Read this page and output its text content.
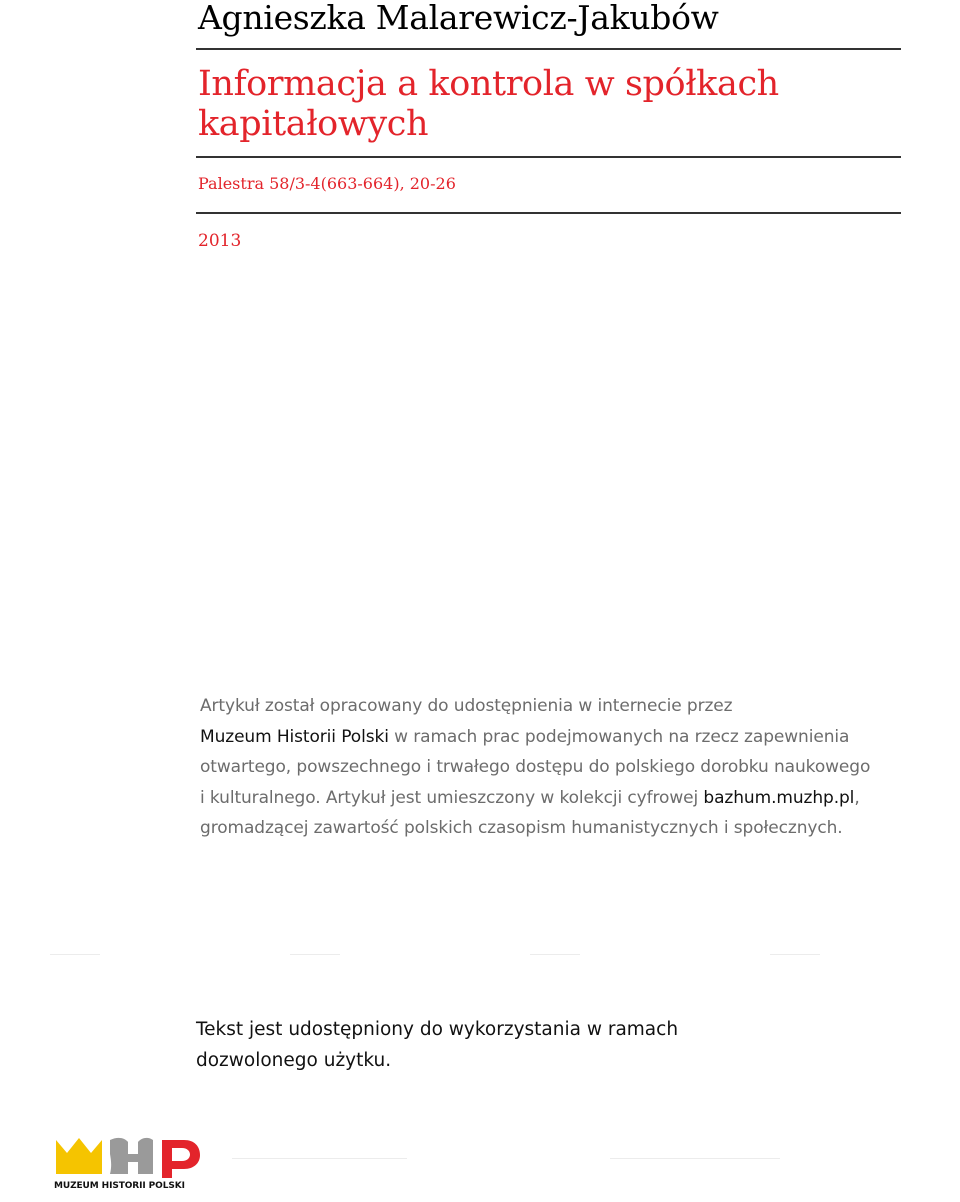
Agnieszka Malarewicz-Jakubów
Informacja a kontrola w spółkach kapitałowych
Palestra 58/3-4(663-664), 20-26
2013
Artykuł został opracowany do udostępnienia w internecie przez
Muzeum Historii Polski w ramach prac podejmowanych na rzecz zapewnienia otwartego, powszechnego i trwałego dostępu do polskiego dorobku naukowego i kulturalnego. Artykuł jest umieszczony w kolekcji cyfrowej bazhum.muzhp.pl, gromadzącej zawartość polskich czasopism humanistycznych i społecznych.
Tekst jest udostępniony do wykorzystania w ramach dozwolonego użytku.
MUZEUM HISTORII POLSKI
